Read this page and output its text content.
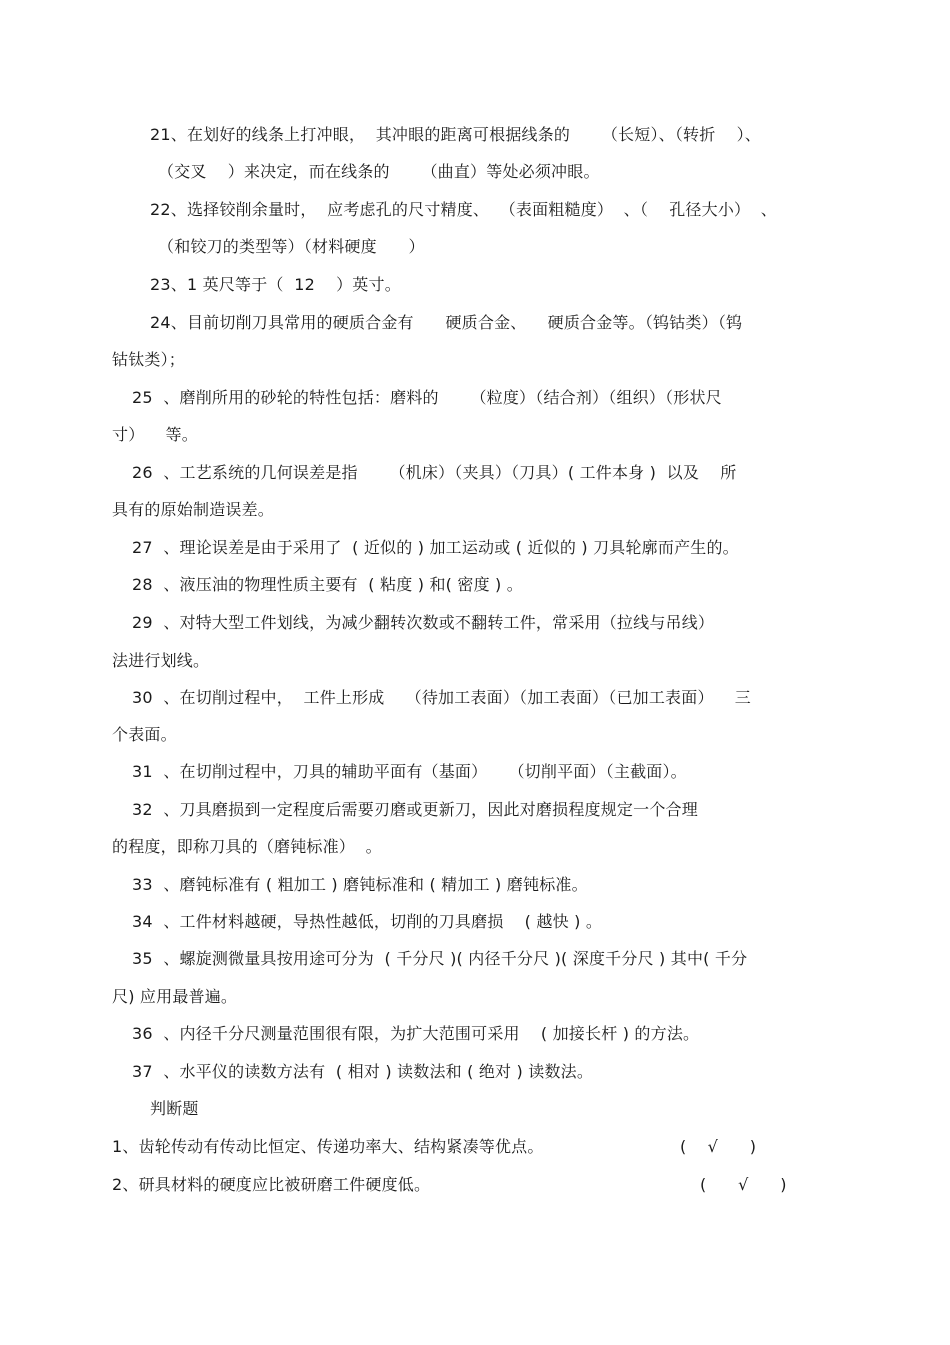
21、在划好的线条上打冲眼，  其冲眼的距离可根据线条的      （长短）、（转折    ）、
（交叉    ）来决定，而在线条的      （曲直）等处必须冲眼。
22、选择铰削余量时，  应考虑孔的尺寸精度、  （表面粗糙度）  、（    孔径大小）  、
（和铰刀的类型等）（材料硬度      ）
23、1 英尺等于（  12    ）英寸。
24、目前切削刀具常用的硬质合金有      硬质合金、    硬质合金等。（钨钴类）（钨
钴钛类）；
25  、磨削所用的砂轮的特性包括：磨料的      （粒度）（结合剂）（组织）（形状尺
寸）    等。
26  、工艺系统的几何误差是指      （机床）（夹具）（刀具）( 工件本身 )  以及    所
具有的原始制造误差。
27  、理论误差是由于采用了  ( 近似的 ) 加工运动或 ( 近似的 ) 刀具轮廓而产生的。
28  、液压油的物理性质主要有  ( 粘度 ) 和( 密度 ) 。
29  、对特大型工件划线，为减少翻转次数或不翻转工件，常采用（拉线与吊线）
法进行划线。
30  、在切削过程中，  工件上形成    （待加工表面）（加工表面）（已加工表面）    三
个表面。
31  、在切削过程中，刀具的辅助平面有（基面）    （切削平面）（主截面）。
32  、刀具磨损到一定程度后需要刃磨或更新刀，因此对磨损程度规定一个合理
的程度，即称刀具的（磨钝标准）  。
33  、磨钝标准有 ( 粗加工 ) 磨钝标准和 ( 精加工 ) 磨钝标准。
34  、工件材料越硬，导热性越低，切削的刀具磨损    ( 越快 ) 。
35  、螺旋测微量具按用途可分为  ( 千分尺 )( 内径千分尺 )( 深度千分尺 ) 其中( 千分
尺) 应用最普遍。
36  、内径千分尺测量范围很有限，为扩大范围可采用    ( 加接长杆 ) 的方法。
37  、水平仪的读数方法有  ( 相对 ) 读数法和 ( 绝对 ) 读数法。
判断题
1、齿轮传动有传动比恒定、传递功率大、结构紧凑等优点。	(    √      )
2、研具材料的硬度应比被研磨工件硬度低。	(      √      )
